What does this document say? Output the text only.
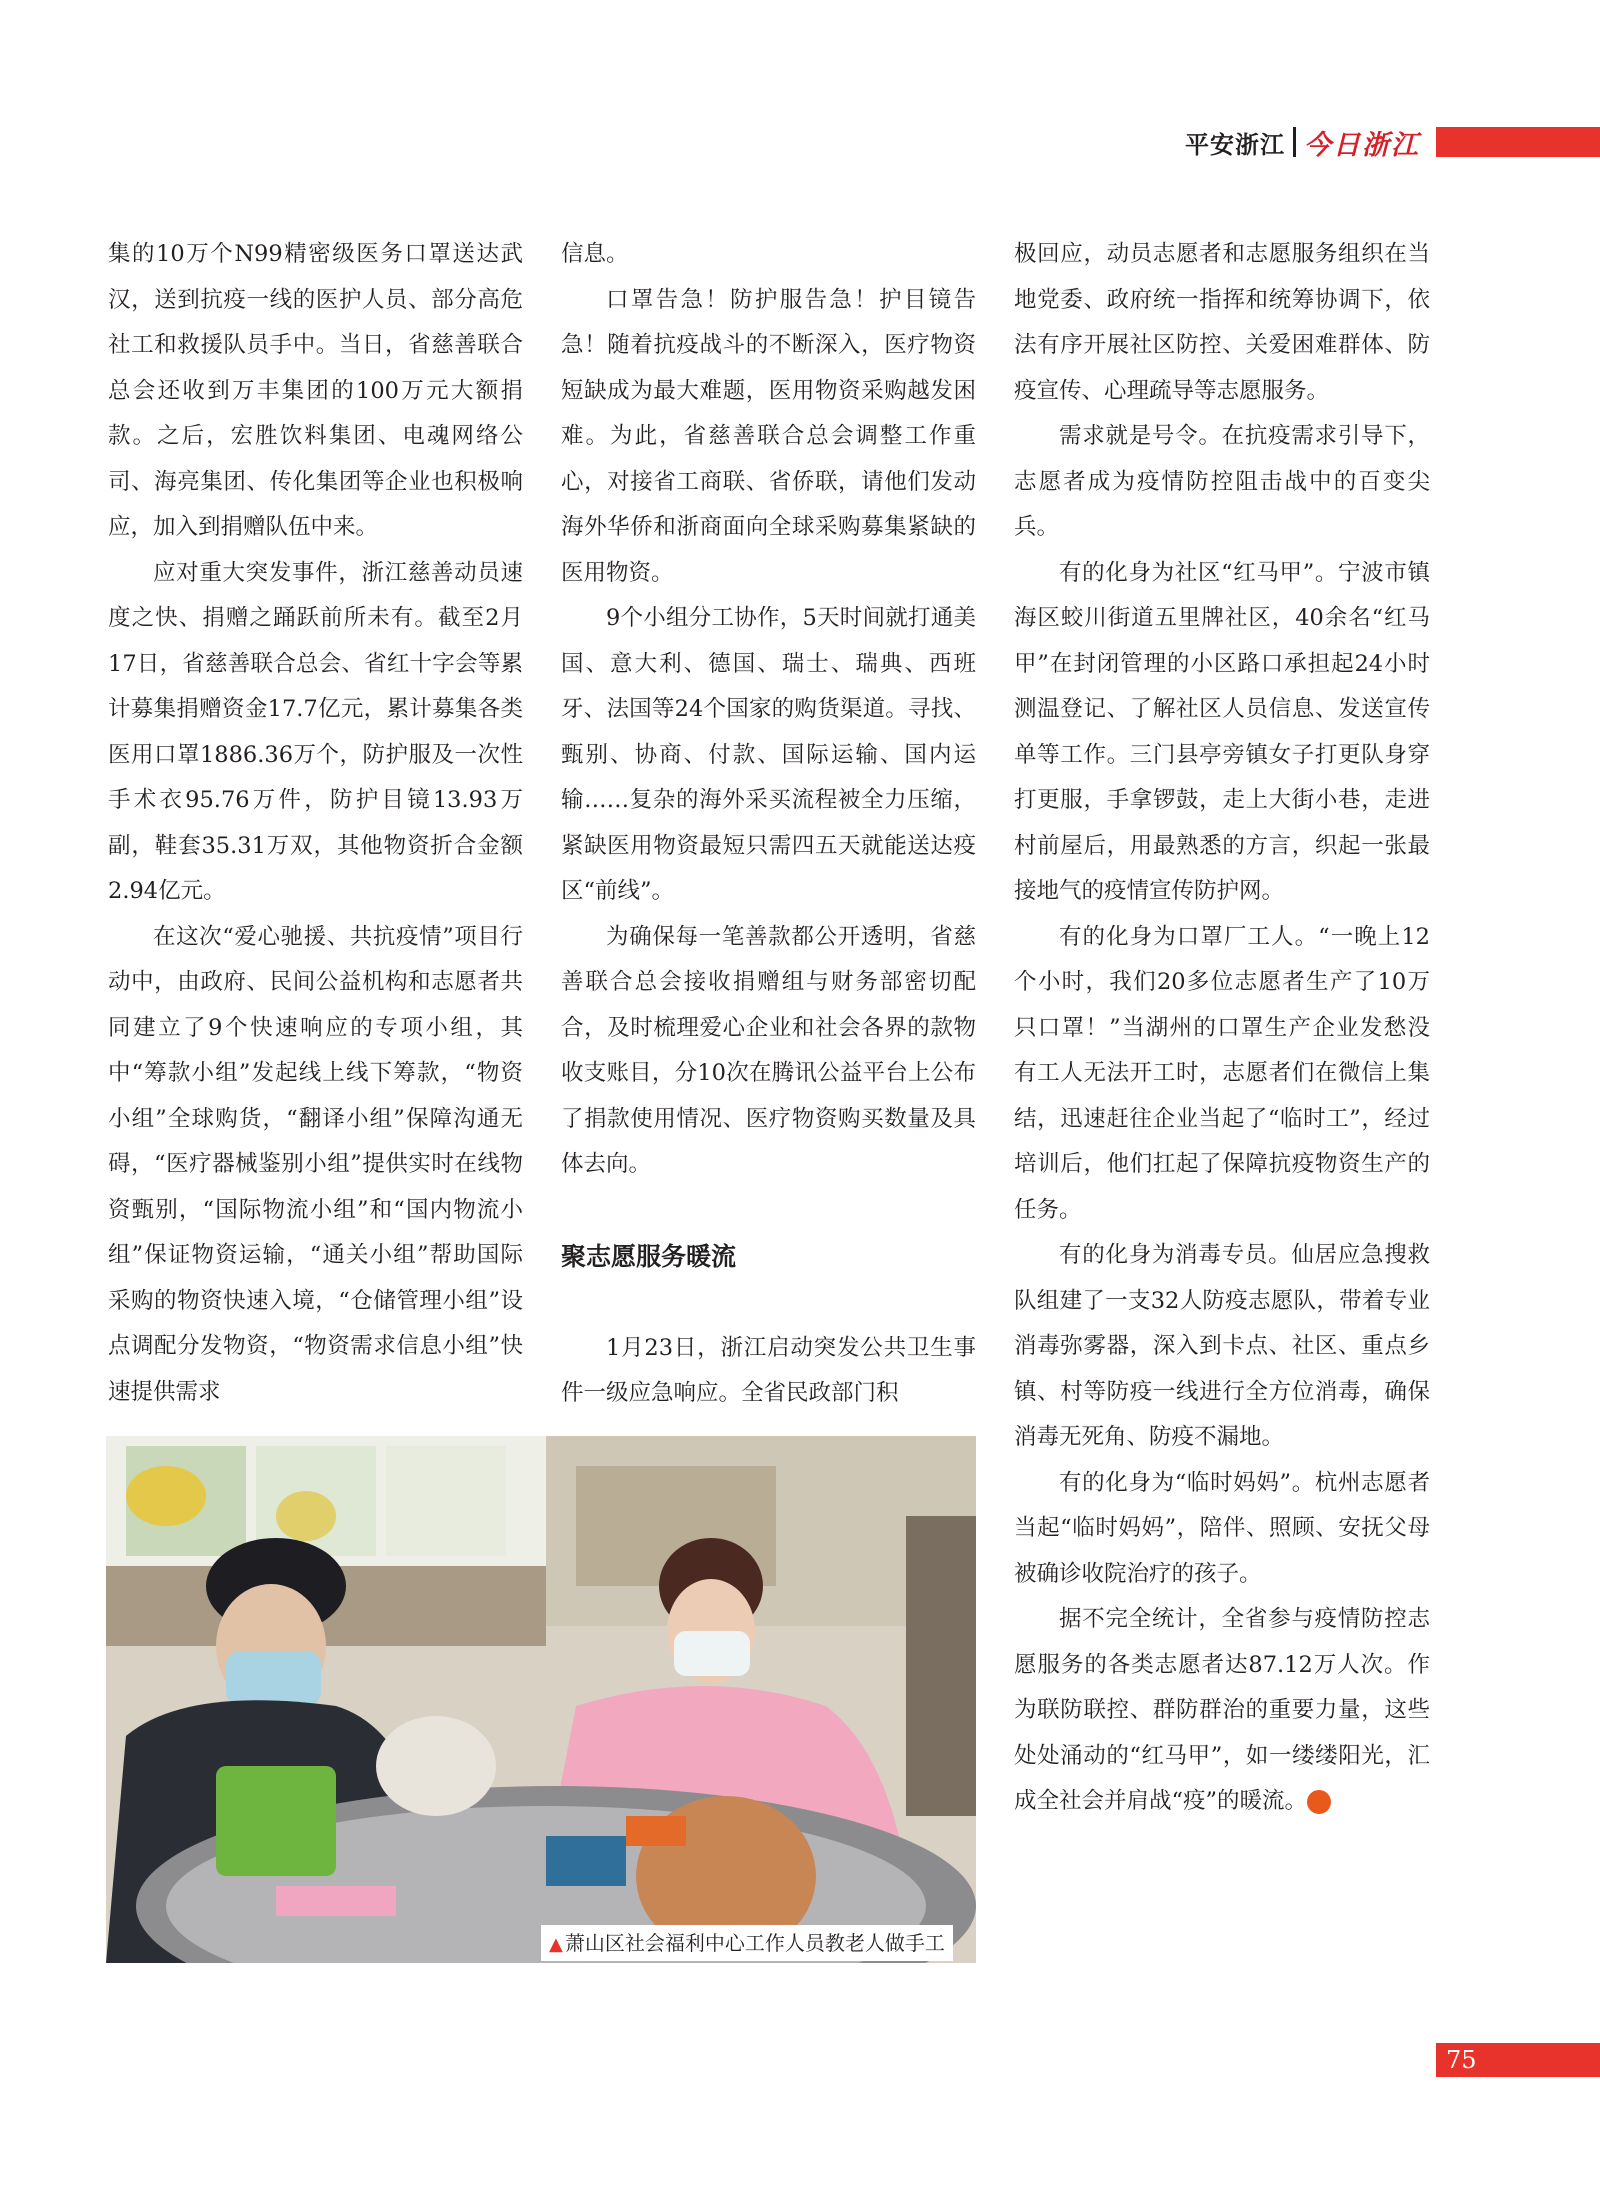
平安浙江 今日浙江

集的10万个N99精密级医务口罩送达武汉，送到抗疫一线的医护人员、部分高危社工和救援队员手中。当日，省慈善联合总会还收到万丰集团的100万元大额捐款。之后，宏胜饮料集团、电魂网络公司、海亮集团、传化集团等企业也积极响应，加入到捐赠队伍中来。

应对重大突发事件，浙江慈善动员速度之快、捐赠之踊跃前所未有。截至2月17日，省慈善联合总会、省红十字会等累计募集捐赠资金17.7亿元，累计募集各类医用口罩1886.36万个，防护服及一次性手术衣95.76万件，防护目镜13.93万副，鞋套35.31万双，其他物资折合金额2.94亿元。

在这次“爱心驰援、共抗疫情”项目行动中，由政府、民间公益机构和志愿者共同建立了9个快速响应的专项小组，其中“筹款小组”发起线上线下筹款，“物资小组”全球购货，“翻译小组”保障沟通无碍，“医疗器械鉴别小组”提供实时在线物资甄别，“国际物流小组”和“国内物流小组”保证物资运输，“通关小组”帮助国际采购的物资快速入境，“仓储管理小组”设点调配分发物资，“物资需求信息小组”快速提供需求

信息。

口罩告急！防护服告急！护目镜告急！随着抗疫战斗的不断深入，医疗物资短缺成为最大难题，医用物资采购越发困难。为此，省慈善联合总会调整工作重心，对接省工商联、省侨联，请他们发动海外华侨和浙商面向全球采购募集紧缺的医用物资。

9个小组分工协作，5天时间就打通美国、意大利、德国、瑞士、瑞典、西班牙、法国等24个国家的购货渠道。寻找、甄别、协商、付款、国际运输、国内运输……复杂的海外采买流程被全力压缩，紧缺医用物资最短只需四五天就能送达疫区“前线”。

为确保每一笔善款都公开透明，省慈善联合总会接收捐赠组与财务部密切配合，及时梳理爱心企业和社会各界的款物收支账目，分10次在腾讯公益平台上公布了捐款使用情况、医疗物资购买数量及具体去向。

聚志愿服务暖流

1月23日，浙江启动突发公共卫生事件一级应急响应。全省民政部门积

极回应，动员志愿者和志愿服务组织在当地党委、政府统一指挥和统筹协调下，依法有序开展社区防控、关爱困难群体、防疫宣传、心理疏导等志愿服务。

需求就是号令。在抗疫需求引导下，志愿者成为疫情防控阻击战中的百变尖兵。

有的化身为社区“红马甲”。宁波市镇海区蛟川街道五里牌社区，40余名“红马甲”在封闭管理的小区路口承担起24小时测温登记、了解社区人员信息、发送宣传单等工作。三门县亭旁镇女子打更队身穿打更服，手拿锣鼓，走上大街小巷，走进村前屋后，用最熟悉的方言，织起一张最接地气的疫情宣传防护网。

有的化身为口罩厂工人。“一晚上12个小时，我们20多位志愿者生产了10万只口罩！”当湖州的口罩生产企业发愁没有工人无法开工时，志愿者们在微信上集结，迅速赶往企业当起了“临时工”，经过培训后，他们扛起了保障抗疫物资生产的任务。

有的化身为消毒专员。仙居应急搜救队组建了一支32人防疫志愿队，带着专业消毒弥雾器，深入到卡点、社区、重点乡镇、村等防疫一线进行全方位消毒，确保消毒无死角、防疫不漏地。

有的化身为“临时妈妈”。杭州志愿者当起“临时妈妈”，陪伴、照顾、安抚父母被确诊收院治疗的孩子。

据不完全统计，全省参与疫情防控志愿服务的各类志愿者达87.12万人次。作为联防联控、群防群治的重要力量，这些处处涌动的“红马甲”，如一缕缕阳光，汇成全社会并肩战“疫”的暖流。	今

▲ 萧山区社会福利中心工作人员教老人做手工
75
